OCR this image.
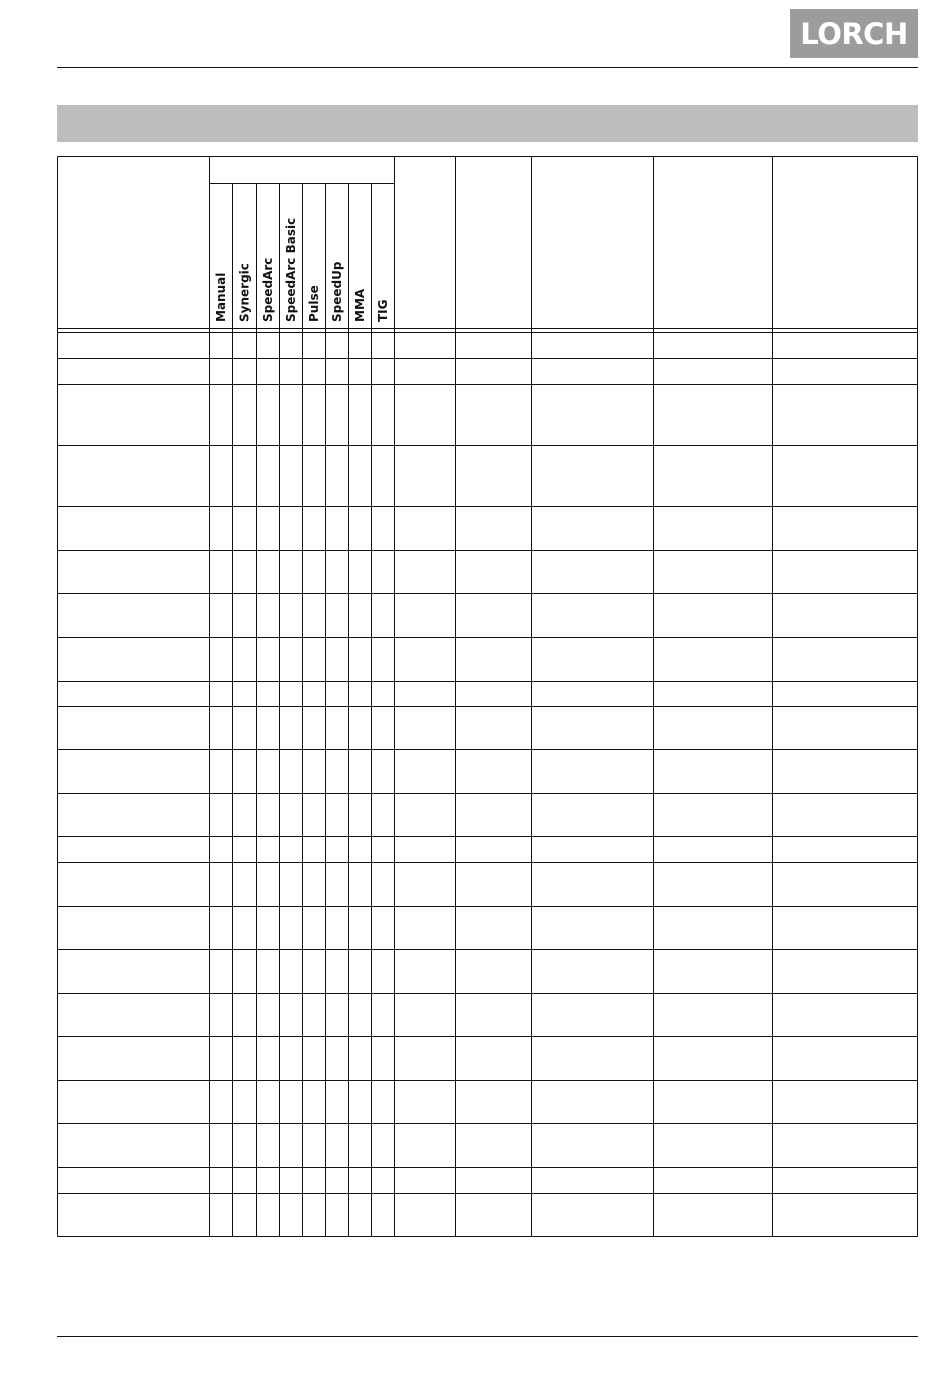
LORCH
Manual Synergic SpeedArc SpeedArc Basic Pulse SpeedUp MMA TIG
